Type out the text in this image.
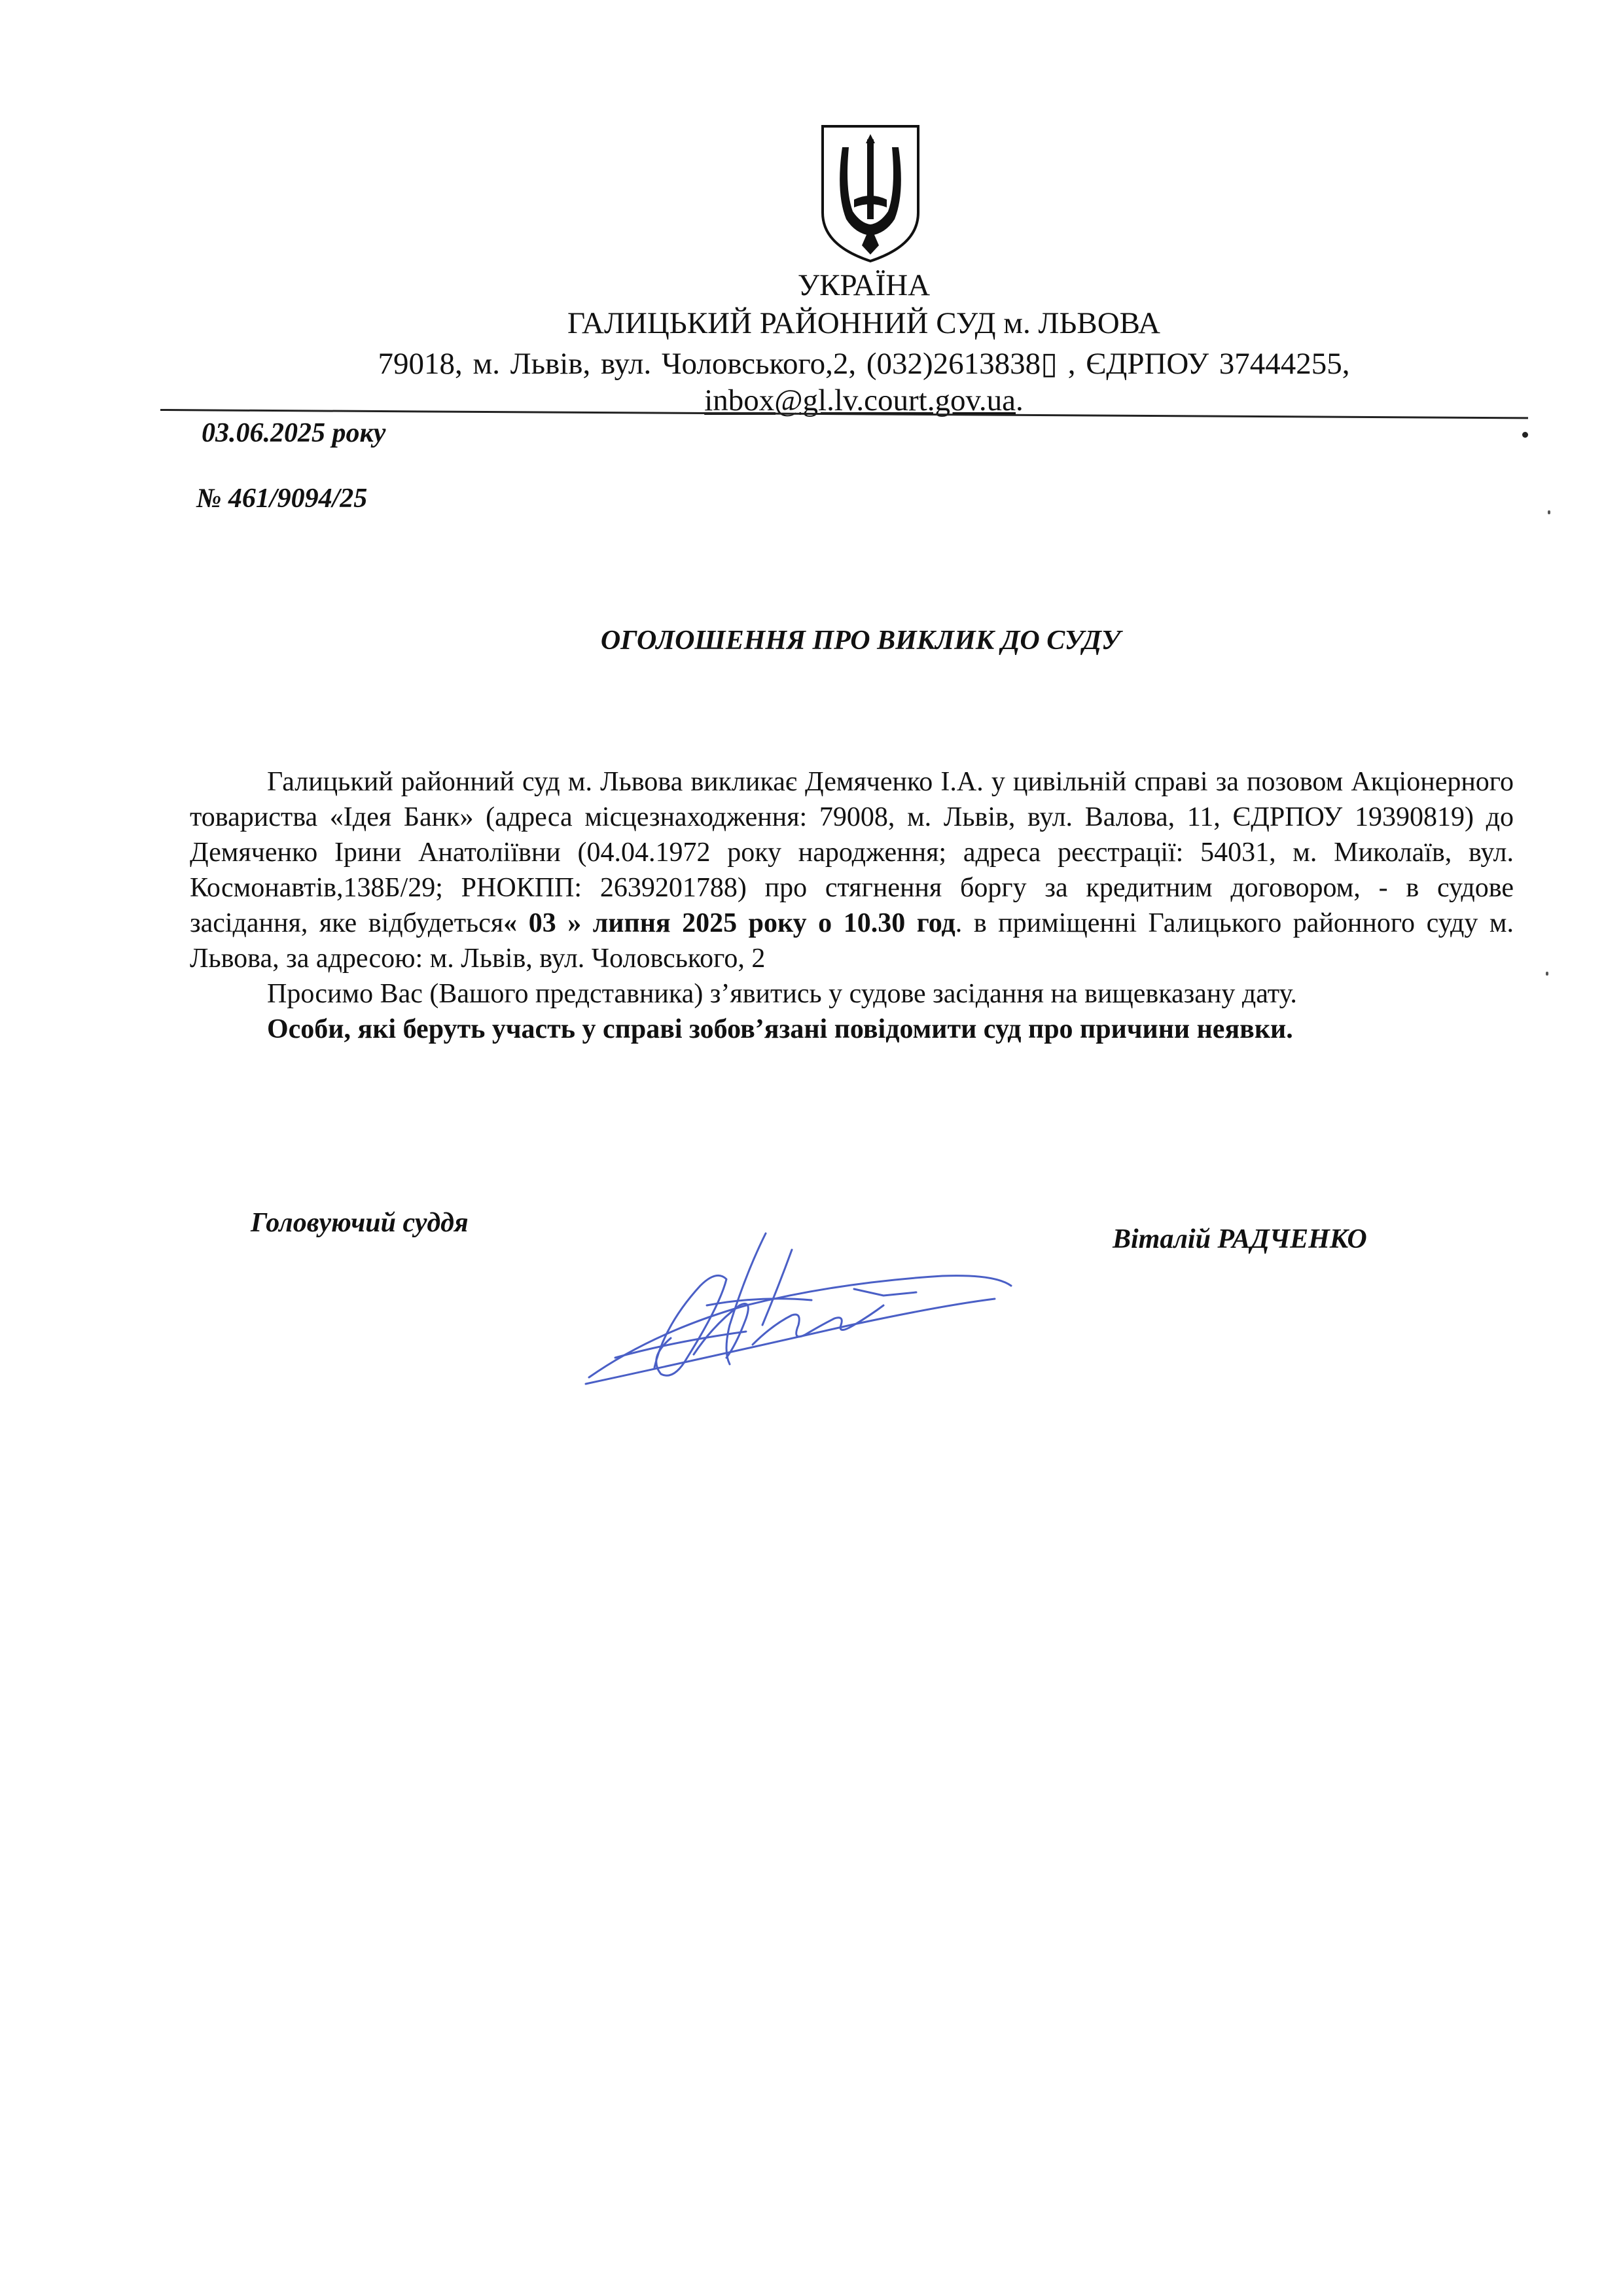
УКРАЇНА
ГАЛИЦЬКИЙ РАЙОННИЙ СУД м. ЛЬВОВА
79018, м. Львів, вул. Чоловського,2, (032)2613838▯ , ЄДРПОУ 37444255,
inbox@gl.lv.court.gov.ua.
03.06.2025 року
№ 461/9094/25
ОГОЛОШЕННЯ ПРО ВИКЛИК ДО СУДУ

Галицький районний суд м. Львова викликає Демяченко І.А. у цивільній справі за позовом Акціонерного товариства «Ідея Банк» (адреса місцезнаходження: 79008, м. Львів, вул. Валова, 11, ЄДРПОУ 19390819) до Демяченко Ірини Анатоліївни (04.04.1972 року народження; адреса реєстрації: 54031, м. Миколаїв, вул. Космонавтів,138Б/29; РНОКПП: 2639201788) про стягнення боргу за кредитним договором, - в судове засідання, яке відбудеться« 03 » липня 2025 року о 10.30 год. в приміщенні Галицького районного суду м. Львова, за адресою: м. Львів, вул. Чоловського, 2

Просимо Вас (Вашого представника) з’явитись у судове засідання на вищевказану дату.

Особи, які беруть участь у справі зобов’язані повідомити суд про причини неявки.

Головуючий суддя
Віталій РАДЧЕНКО
